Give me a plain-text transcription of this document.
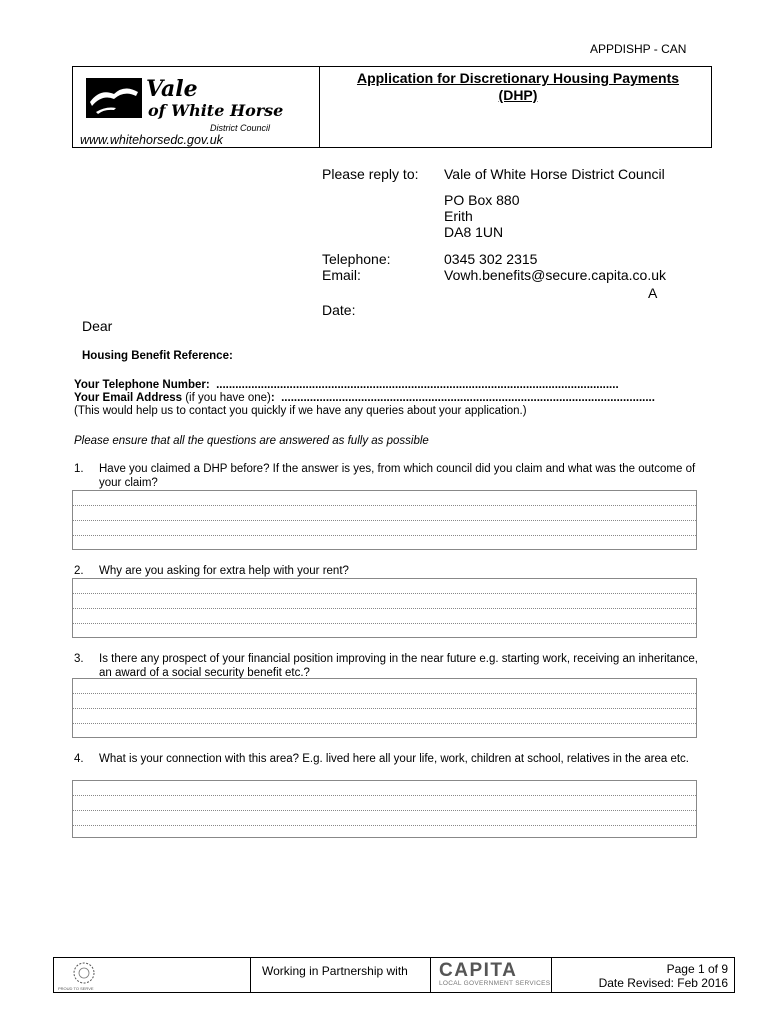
APPDISHP - CAN
Vale
of White Horse
District Council
www.whitehorsedc.gov.uk
Application for Discretionary Housing Payments
(DHP)
Please reply to: Vale of White Horse District Council
PO Box 880
Erith
DA8 1UN
Telephone:	0345 302 2315
Email:	Vowh.benefits@secure.capita.co.uk
A
Date:
Dear
Housing Benefit Reference:
Your Telephone Number: ..............................................................................................................................
Your Email Address (if you have one): .....................................................................................................................
(This would help us to contact you quickly if we have any queries about your application.)
Please ensure that all the questions are answered as fully as possible
1. Have you claimed a DHP before? If the answer is yes, from which council did you claim and what was the outcome of your claim?
2. Why are you asking for extra help with your rent?
3. Is there any prospect of your financial position improving in the near future e.g. starting work, receiving an inheritance, an award of a social security benefit etc.?
4. What is your connection with this area? E.g. lived here all your life, work, children at school, relatives in the area etc.
PROUD TO SERVE
Working in Partnership with CAPITA
LOCAL GOVERNMENT SERVICES
Page 1 of 9
Date Revised: Feb 2016
